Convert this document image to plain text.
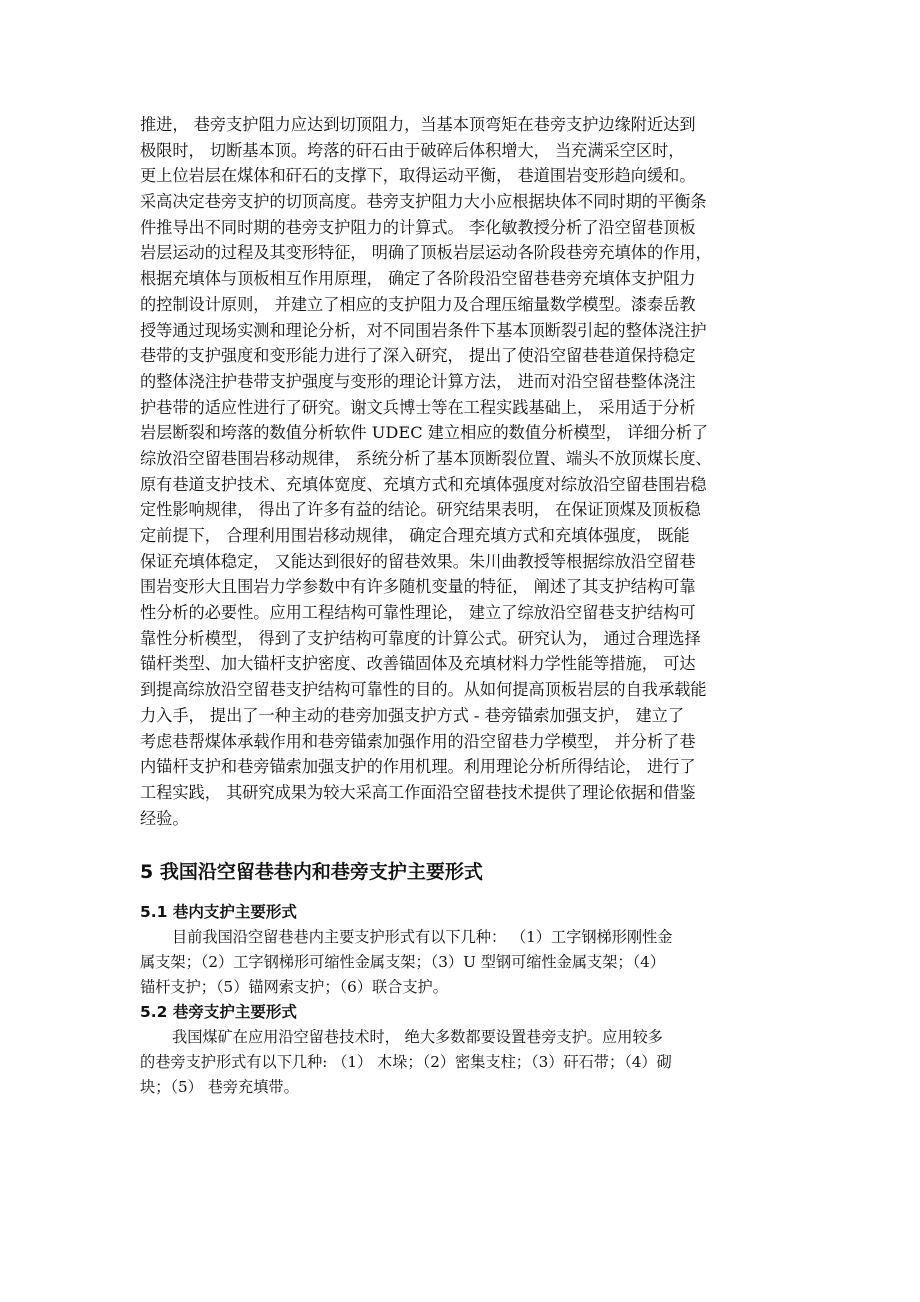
推进， 巷旁支护阻力应达到切顶阻力，当基本顶弯矩在巷旁支护边缘附近达到

极限时， 切断基本顶。垮落的矸石由于破碎后体积增大， 当充满采空区时，

更上位岩层在煤体和矸石的支撑下，取得运动平衡， 巷道围岩变形趋向缓和。

采高决定巷旁支护的切顶高度。巷旁支护阻力大小应根据块体不同时期的平衡条

件推导出不同时期的巷旁支护阻力的计算式。 李化敏教授分析了沿空留巷顶板

岩层运动的过程及其变形特征， 明确了顶板岩层运动各阶段巷旁充填体的作用，

根据充填体与顶板相互作用原理， 确定了各阶段沿空留巷巷旁充填体支护阻力

的控制设计原则， 并建立了相应的支护阻力及合理压缩量数学模型。漆泰岳教

授等通过现场实测和理论分析，对不同围岩条件下基本顶断裂引起的整体浇注护

巷带的支护强度和变形能力进行了深入研究， 提出了使沿空留巷巷道保持稳定

的整体浇注护巷带支护强度与变形的理论计算方法， 进而对沿空留巷整体浇注

护巷带的适应性进行了研究。谢文兵博士等在工程实践基础上， 采用适于分析

岩层断裂和垮落的数值分析软件 UDEC 建立相应的数值分析模型， 详细分析了

综放沿空留巷围岩移动规律， 系统分析了基本顶断裂位置、端头不放顶煤长度、

原有巷道支护技术、充填体宽度、充填方式和充填体强度对综放沿空留巷围岩稳

定性影响规律， 得出了许多有益的结论。研究结果表明， 在保证顶煤及顶板稳

定前提下， 合理利用围岩移动规律， 确定合理充填方式和充填体强度， 既能

保证充填体稳定， 又能达到很好的留巷效果。朱川曲教授等根据综放沿空留巷

围岩变形大且围岩力学参数中有许多随机变量的特征， 阐述了其支护结构可靠

性分析的必要性。应用工程结构可靠性理论， 建立了综放沿空留巷支护结构可

靠性分析模型， 得到了支护结构可靠度的计算公式。研究认为， 通过合理选择

锚杆类型、加大锚杆支护密度、改善锚固体及充填材料力学性能等措施， 可达

到提高综放沿空留巷支护结构可靠性的目的。从如何提高顶板岩层的自我承载能

力入手， 提出了一种主动的巷旁加强支护方式 - 巷旁锚索加强支护， 建立了

考虑巷帮煤体承载作用和巷旁锚索加强作用的沿空留巷力学模型， 并分析了巷

内锚杆支护和巷旁锚索加强支护的作用机理。利用理论分析所得结论， 进行了

工程实践， 其研究成果为较大采高工作面沿空留巷技术提供了理论依据和借鉴

经验。

5 我国沿空留巷巷内和巷旁支护主要形式
5.1 巷内支护主要形式

目前我国沿空留巷巷内主要支护形式有以下几种： （1）工字钢梯形刚性金

属支架；（2）工字钢梯形可缩性金属支架；（3）U 型钢可缩性金属支架；（4）

锚杆支护；（5）锚网索支护；（6）联合支护。

5.2 巷旁支护主要形式

我国煤矿在应用沿空留巷技术时， 绝大多数都要设置巷旁支护。应用较多

的巷旁支护形式有以下几种: （1） 木垛；（2）密集支柱；（3）矸石带；（4）砌

块；（5） 巷旁充填带。
